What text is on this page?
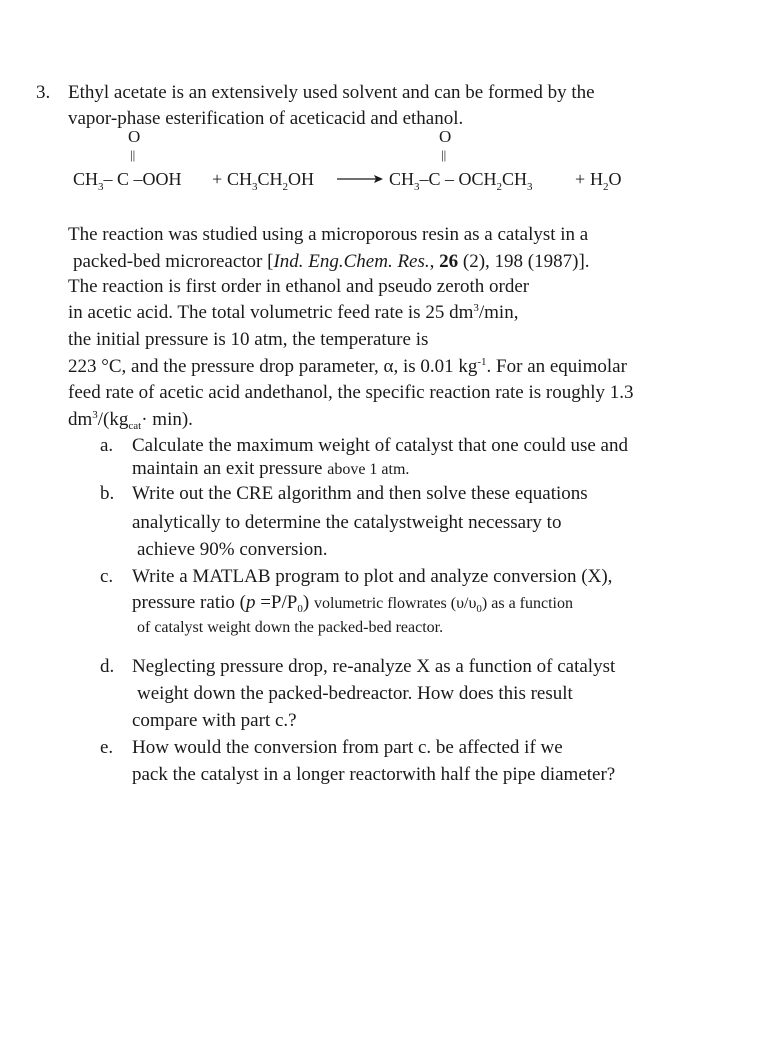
3. Ethyl acetate is an extensively used solvent and can be formed by the
vapor-phase esterification of aceticacid and ethanol.
O
||
O
||
$CH_3-$ C $-OOH + CH_3CH_2OH \to CH_3-C - OCH_2CH_3 + H_2O$
The reaction was studied using a microporous resin as a catalyst in a
packed-bed microreactor [Ind. Eng.Chem. Res., 26 (2), 198 (1987)].
The reaction is first order in ethanol and pseudo zeroth order
in acetic acid. The total volumetric feed rate is 25 $dm^3/\min$,
the initial pressure is 10 atm, the temperature is
223 °C, and the pressure drop parameter, α, is 0.01 $kg^{-1}$. For an equimolar
feed rate of acetic acid andethanol, the specific reaction rate is roughly 1.3
$dm^3/(kg_{cat}\cdot \min)$.
a. Calculate the maximum weight of catalyst that one could use and
maintain an exit pressure above 1 atm.
b. Write out the CRE algorithm and then solve these equations
analytically to determine the catalystweight necessary to
achieve 90% conversion.
c. Write a MATLAB program to plot and analyze conversion (X),
pressure ratio $(p =P/P_0)$ volumetric flowrates $(\upsilon/\upsilon_0)$ as a function
of catalyst weight down the packed-bed reactor.
d. Neglecting pressure drop, re-analyze X as a function of catalyst
weight down the packed-bedreactor. How does this result
compare with part c.?
e. How would the conversion from part c. be affected if we
pack the catalyst in a longer reactorwith half the pipe diameter?
